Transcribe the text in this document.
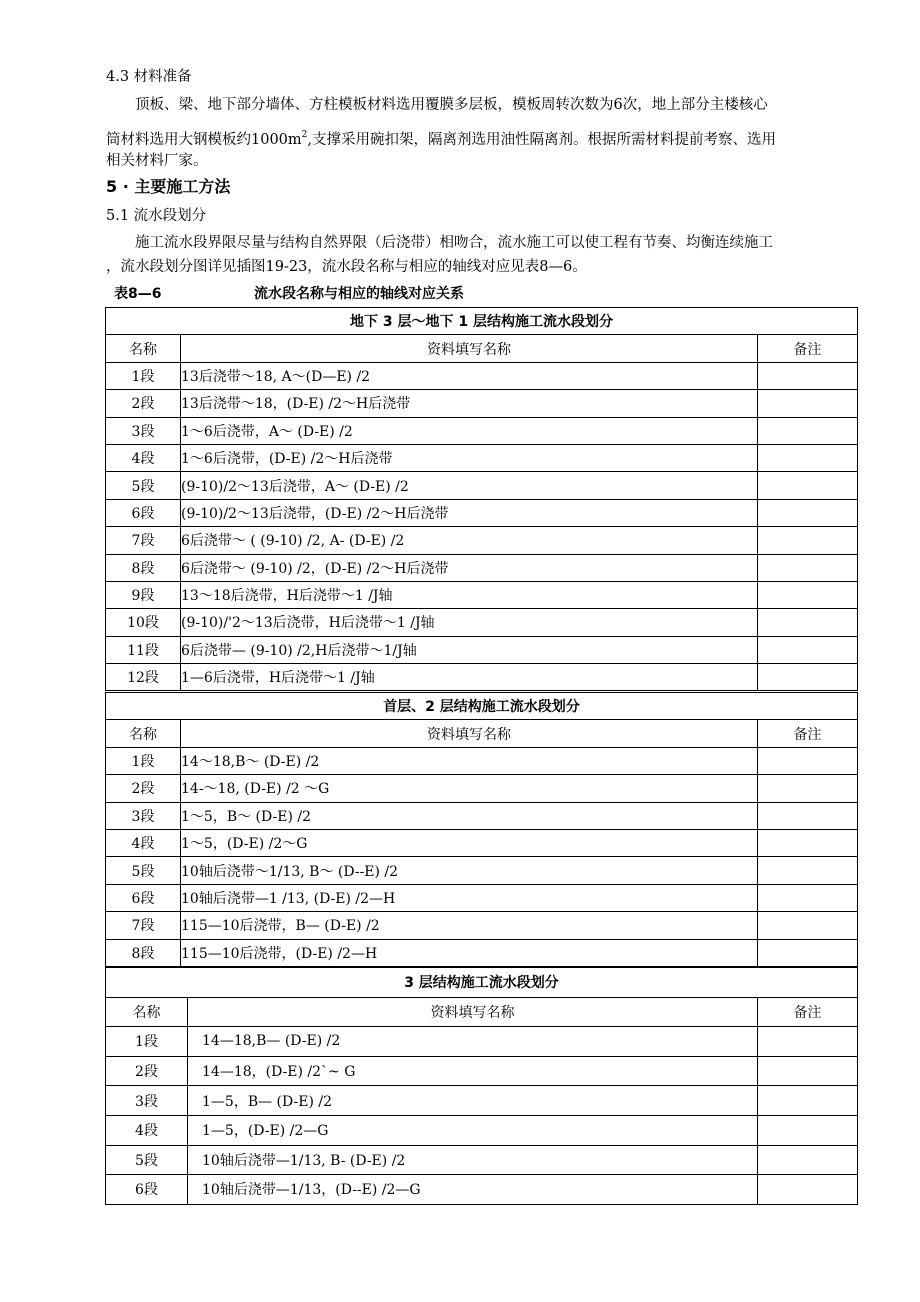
4.3 材料准备
顶板、梁、地下部分墙体、方柱模板材料选用覆膜多层板，模板周转次数为6次，地上部分主楼核心
筒材料选用大钢模板约$1000m^2$,支撑采用碗扣架，隔离剂选用油性隔离剂。根据所需材料提前考察、选用
相关材料厂家。
5 · 主要施工方法
5.1 流水段划分
施工流水段界限尽量与结构自然界限（后浇带）相吻合，流水施工可以使工程有节奏、均衡连续施工
，流水段划分图详见插图19-23，流水段名称与相应的轴线对应见表8—6。
表8—6	流水段名称与相应的轴线对应关系
地下 3 层～地下 1 层结构施工流水段划分		
名称	资料填写名称	备注
1段	13后浇带～18, A～(D—E) /2	
2段	13后浇带～18，(D-E) /2～H后浇带	
3段	1～6后浇带，A～ (D-E) /2	
4段	1～6后浇带，(D-E) /2～H后浇带	
5段	(9-10)/2～13后浇带，A～ (D-E) /2	
6段	(9-10)/2～13后浇带，(D-E) /2～H后浇带	
7段	6后浇带～ ( (9-10) /2, A- (D-E) /2	
8段	6后浇带～ (9-10) /2，(D-E) /2～H后浇带	
9段	13～18后浇带，H后浇带～1 /J轴	
10段	(9-10)/'2～13后浇带，H后浇带～1 /J轴	
11段	6后浇带— (9-10) /2,H后浇带～1/J轴	
12段	1—6后浇带，H后浇带～1 /J轴	
首层、2 层结构施工流水段划分		
名称	资料填写名称	备注
1段	14～18,B～ (D-E) /2	
2段	14-～18, (D-E) /2 ～G	
3段	1～5，B～ (D-E) /2	
4段	1～5，(D-E) /2～G	
5段	10轴后浇带～1/13, B～ (D--E) /2	
6段	10轴后浇带—1 /13, (D-E) /2—H	
7段	115—10后浇带，B— (D-E) /2	
8段	115—10后浇带，(D-E) /2—H	
3 层结构施工流水段划分		
名称	资料填写名称	备注
1段	14—18,B— (D-E) /2	
2段	14—18，(D-E) /2`~ G	
3段	1—5，B— (D-E) /2	
4段	1—5，(D-E) /2—G	
5段	10轴后浇带—1/13, B- (D-E) /2	
6段	10轴后浇带—1/13，(D--E) /2—G	
